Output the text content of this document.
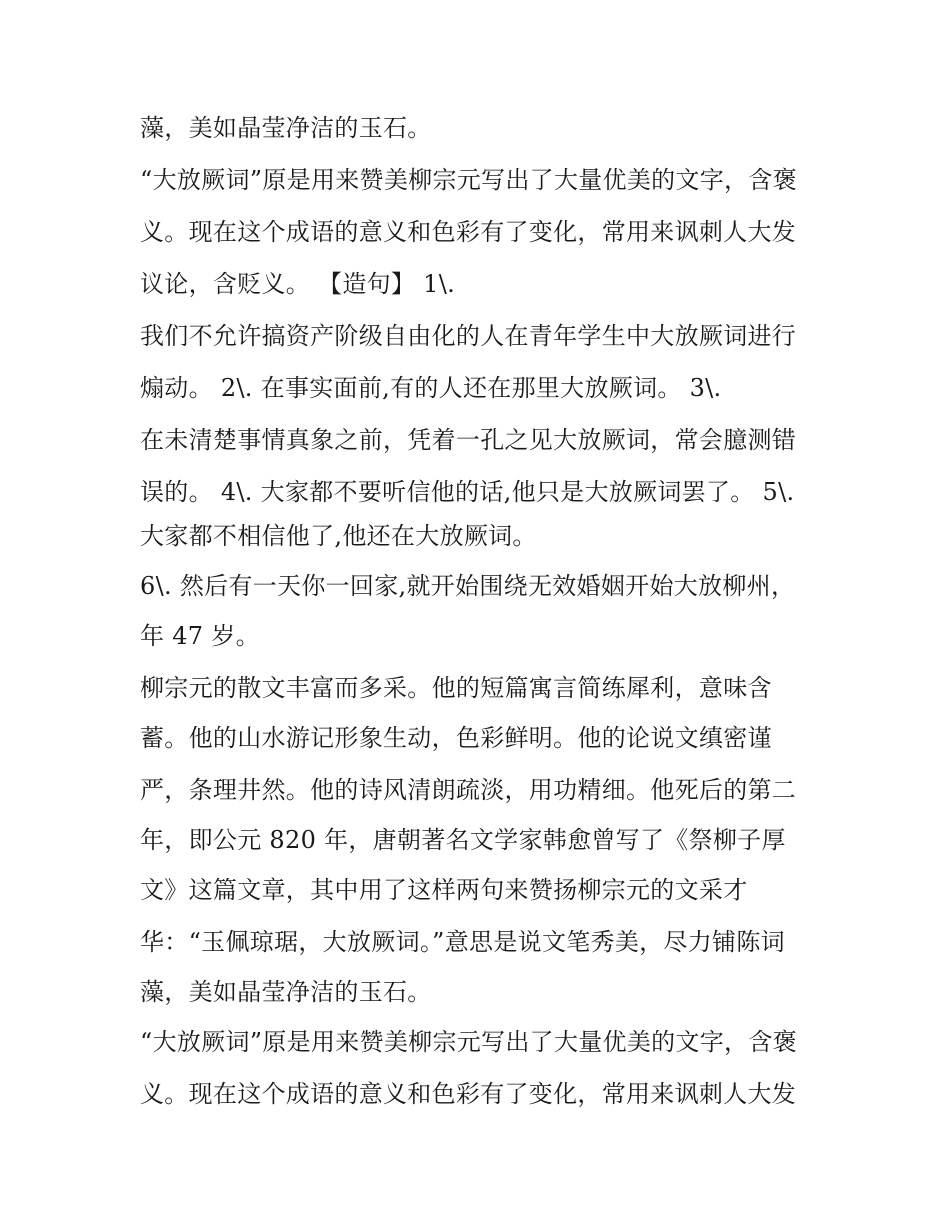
藻，美如晶莹净洁的玉石。
“大放厥词”原是用来赞美柳宗元写出了大量优美的文字，含褒
义。现在这个成语的意义和色彩有了变化，常用来讽刺人大发
议论，含贬义。 【造句】 1\.
我们不允许搞资产阶级自由化的人在青年学生中大放厥词进行
煽动。 2\. 在事实面前,有的人还在那里大放厥词。 3\.
在未清楚事情真象之前，凭着一孔之见大放厥词，常会臆测错
误的。 4\. 大家都不要听信他的话,他只是大放厥词罢了。 5\.
大家都不相信他了,他还在大放厥词。
6\. 然后有一天你一回家,就开始围绕无效婚姻开始大放柳州，
年 47 岁。
柳宗元的散文丰富而多采。他的短篇寓言简练犀利，意味含
蓄。他的山水游记形象生动，色彩鲜明。他的论说文缜密谨
严，条理井然。他的诗风清朗疏淡，用功精细。他死后的第二
年，即公元 820 年，唐朝著名文学家韩愈曾写了《祭柳子厚
文》这篇文章，其中用了这样两句来赞扬柳宗元的文采才
华：“玉佩琼琚，大放厥词。”意思是说文笔秀美，尽力铺陈词
藻，美如晶莹净洁的玉石。
“大放厥词”原是用来赞美柳宗元写出了大量优美的文字，含褒
义。现在这个成语的意义和色彩有了变化，常用来讽刺人大发
